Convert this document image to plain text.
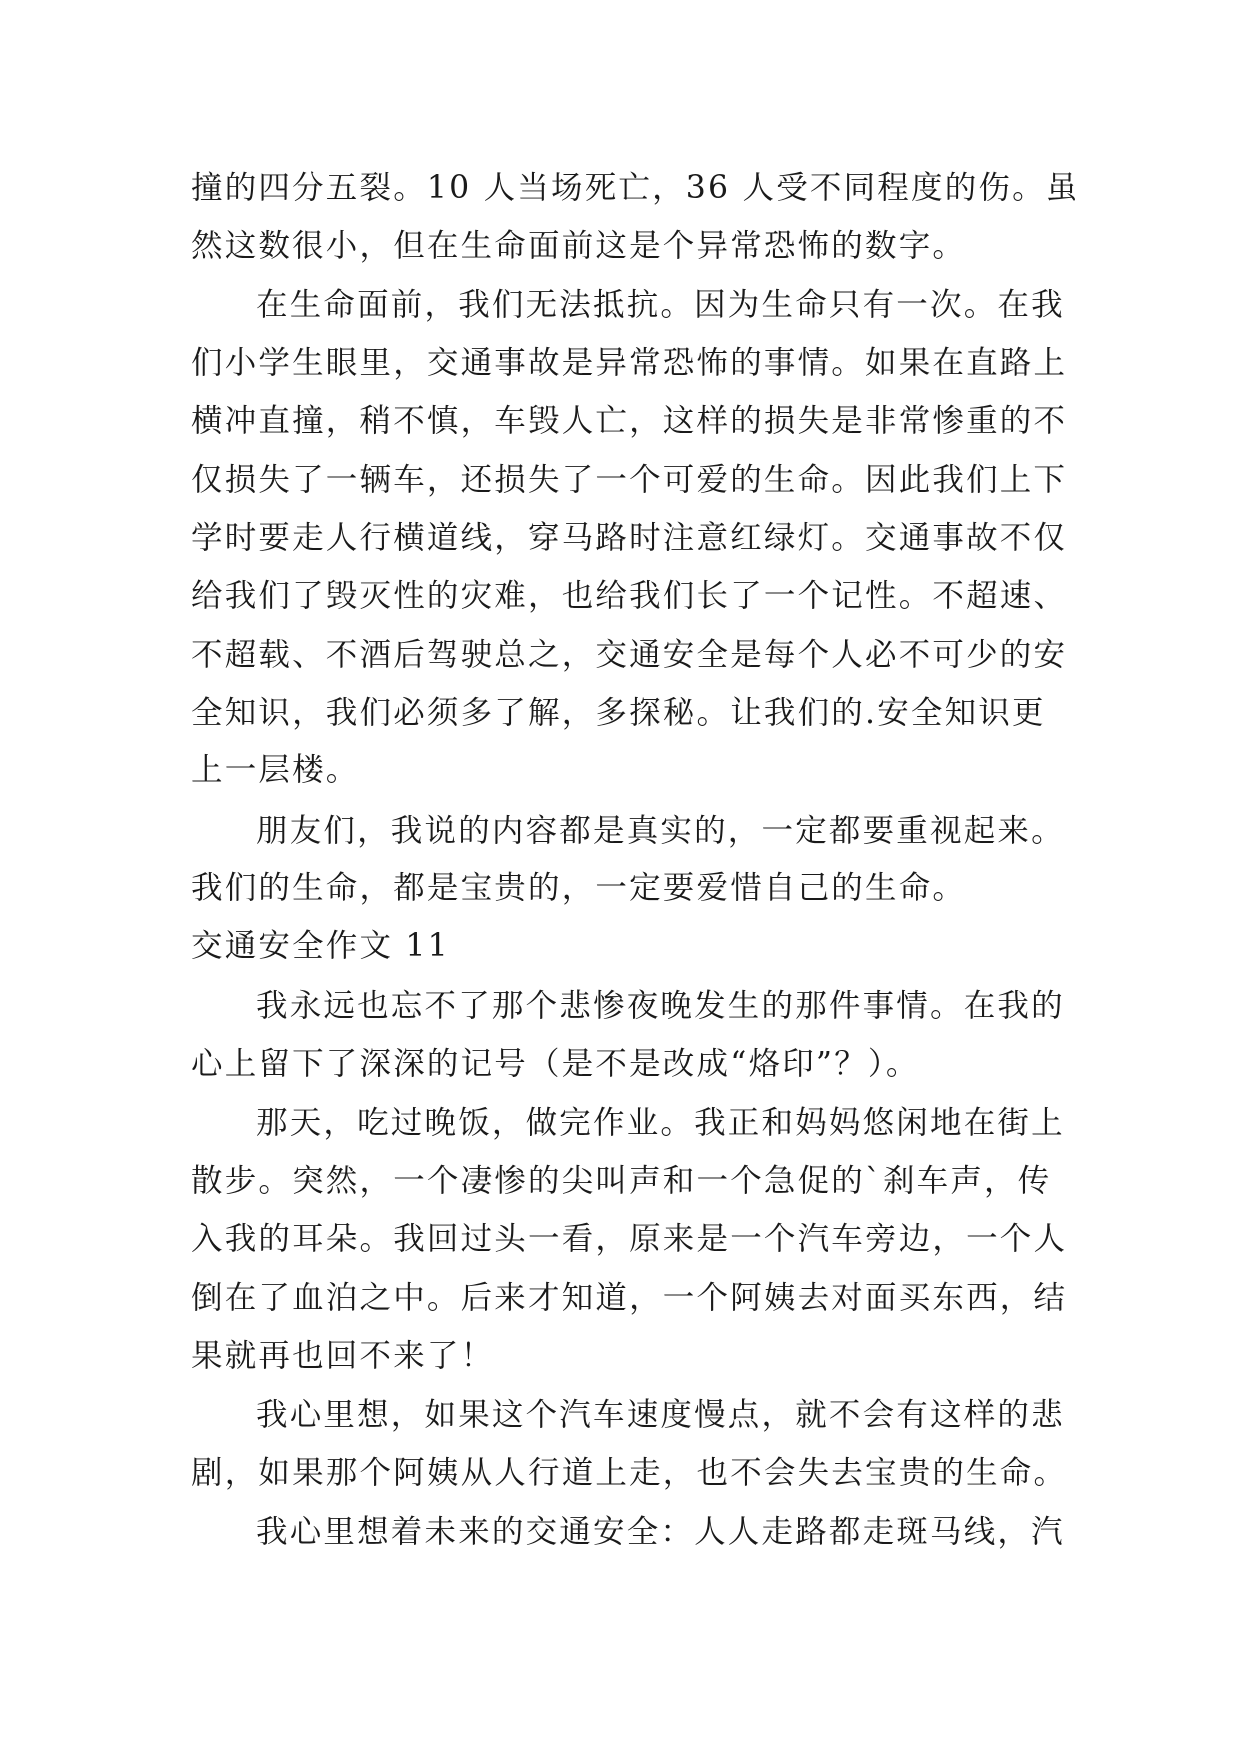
撞的四分五裂。10 人当场死亡，36 人受不同程度的伤。虽
然这数很小，但在生命面前这是个异常恐怖的数字。
在生命面前，我们无法抵抗。因为生命只有一次。在我
们小学生眼里，交通事故是异常恐怖的事情。如果在直路上
横冲直撞，稍不慎，车毁人亡，这样的损失是非常惨重的不
仅损失了一辆车，还损失了一个可爱的生命。因此我们上下
学时要走人行横道线，穿马路时注意红绿灯。交通事故不仅
给我们了毁灭性的灾难，也给我们长了一个记性。不超速、
不超载、不酒后驾驶总之，交通安全是每个人必不可少的安
全知识，我们必须多了解，多探秘。让我们的.安全知识更
上一层楼。
朋友们，我说的内容都是真实的，一定都要重视起来。
我们的生命，都是宝贵的，一定要爱惜自己的生命。
交通安全作文 11
我永远也忘不了那个悲惨夜晚发生的那件事情。在我的
心上留下了深深的记号（是不是改成“烙印”？）。
那天，吃过晚饭，做完作业。我正和妈妈悠闲地在街上
散步。突然，一个凄惨的尖叫声和一个急促的`刹车声，传
入我的耳朵。我回过头一看，原来是一个汽车旁边，一个人
倒在了血泊之中。后来才知道，一个阿姨去对面买东西，结
果就再也回不来了！
我心里想，如果这个汽车速度慢点，就不会有这样的悲
剧，如果那个阿姨从人行道上走，也不会失去宝贵的生命。
我心里想着未来的交通安全：人人走路都走斑马线，汽
